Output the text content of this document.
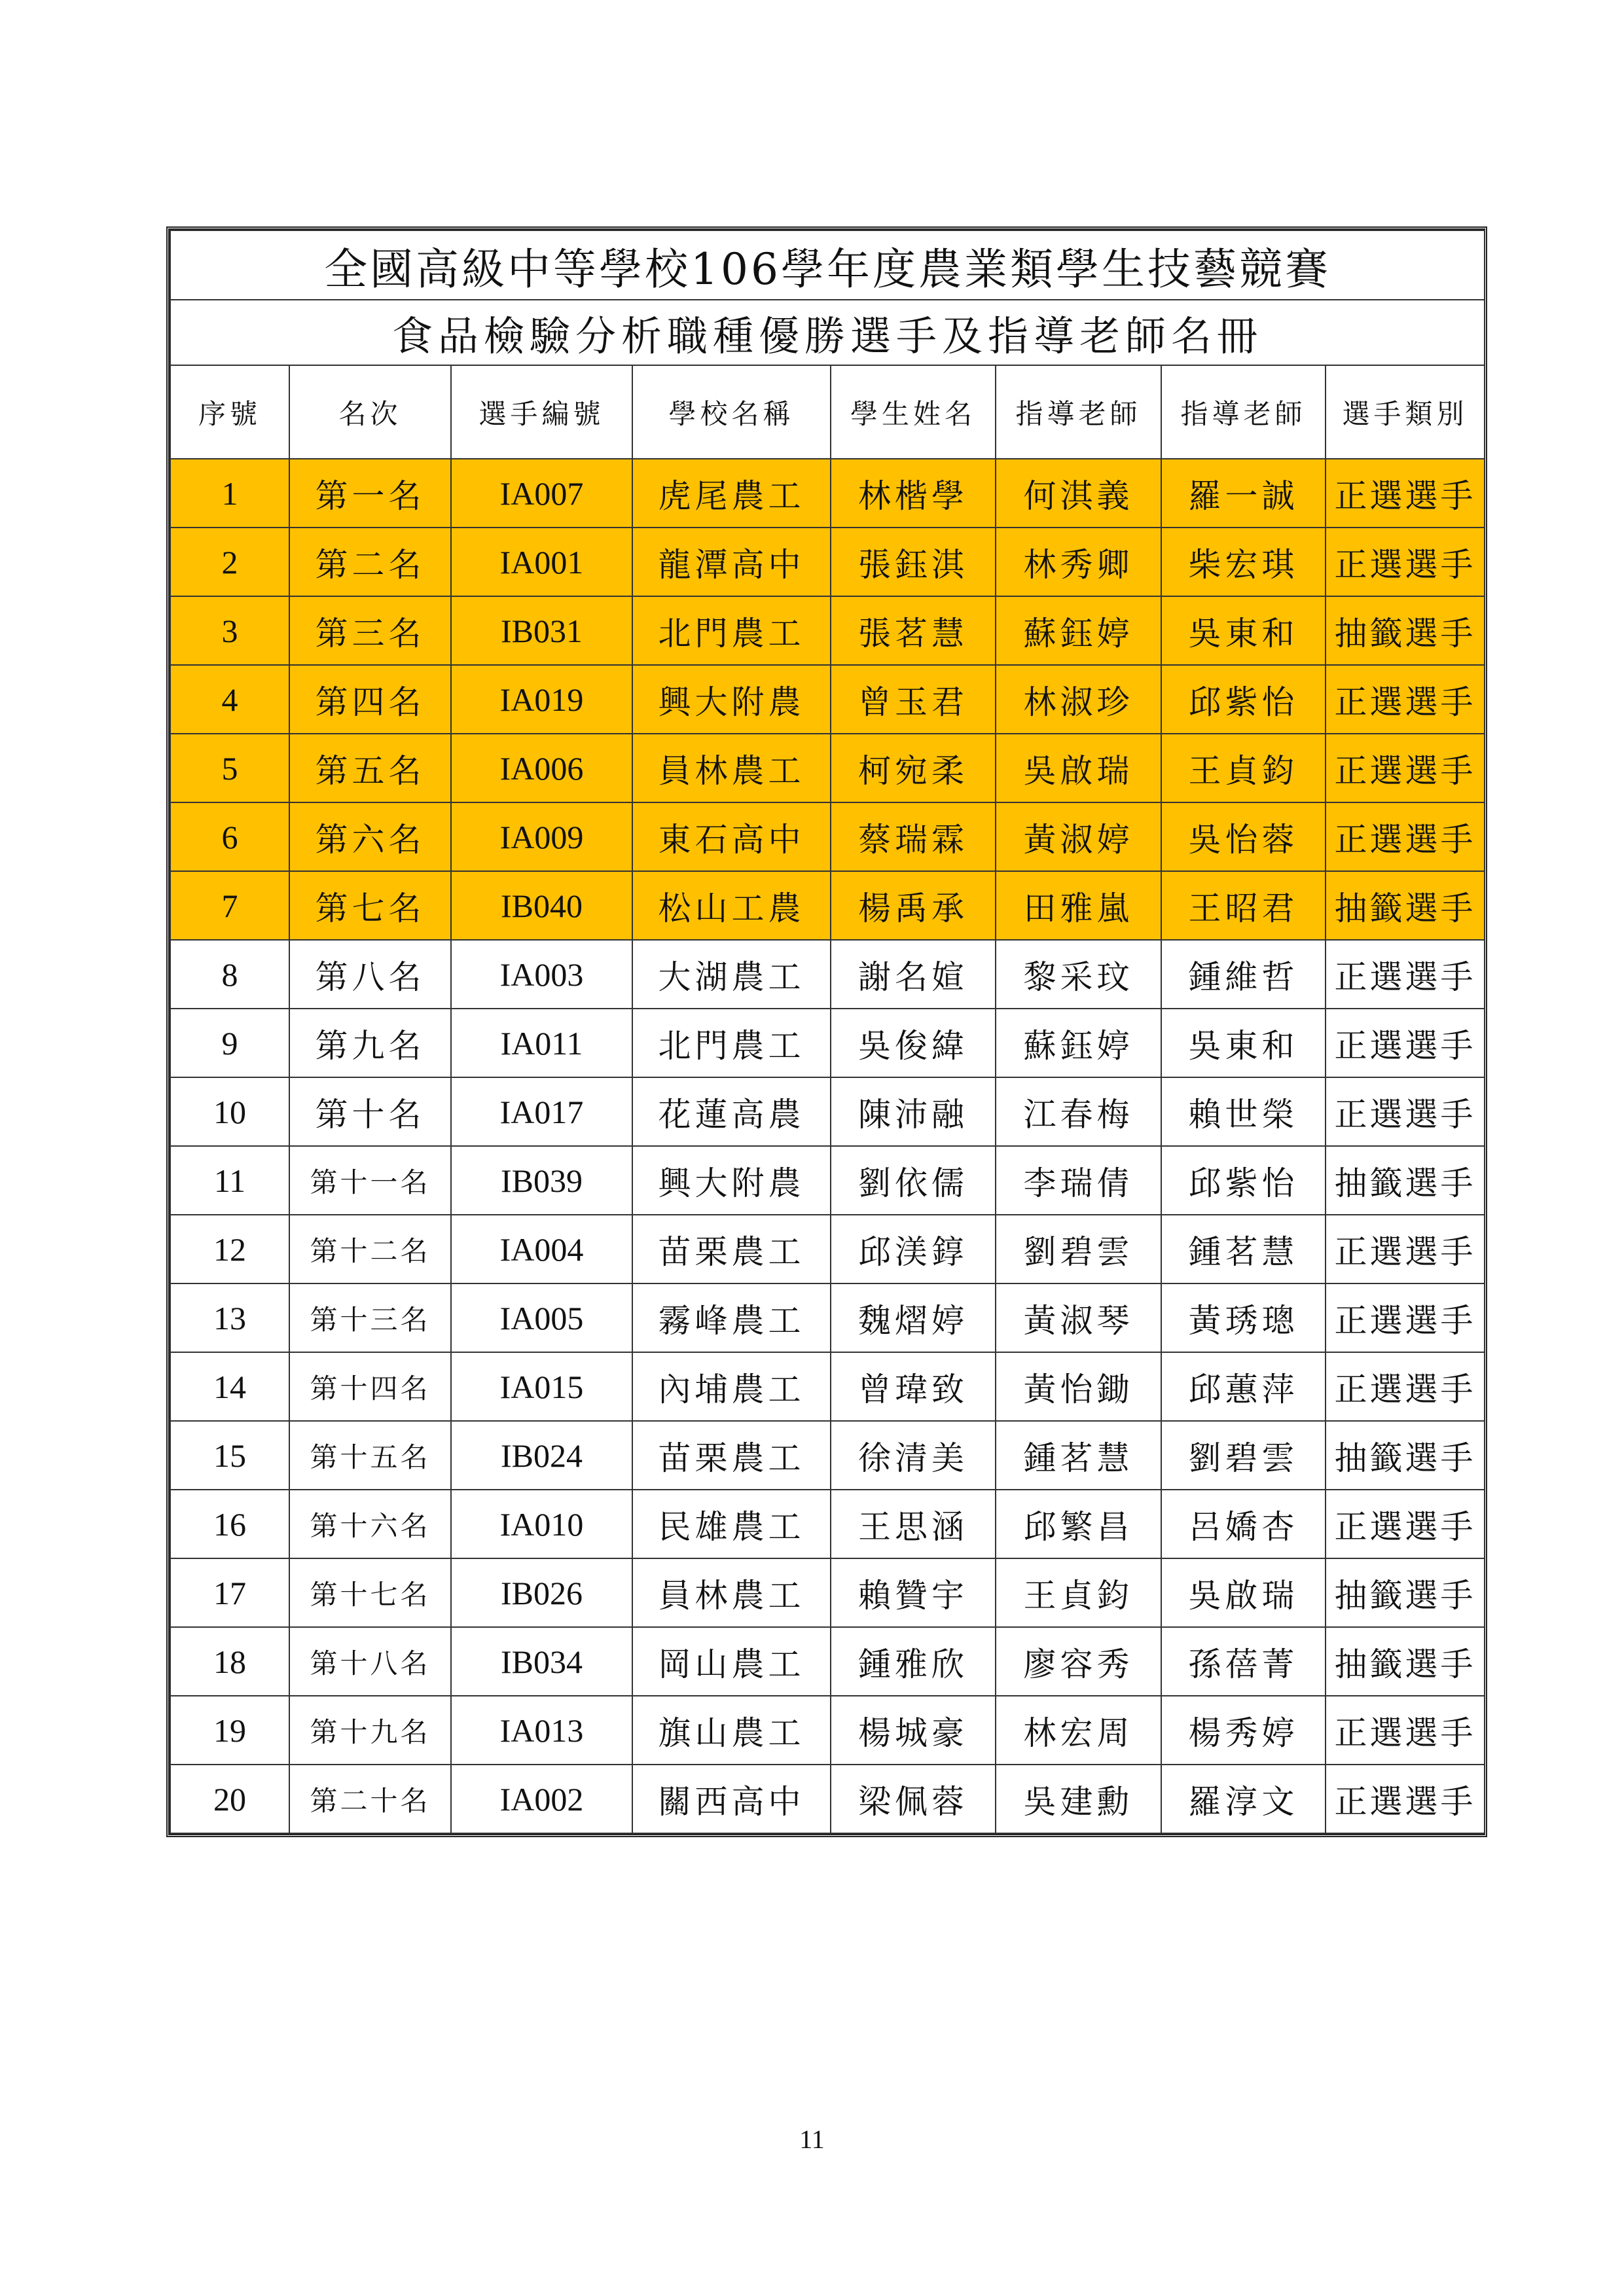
全國高級中等學校106學年度農業類學生技藝競賽							
食品檢驗分析職種優勝選手及指導老師名冊							
序號	名次	選手編號	學校名稱	學生姓名	指導老師	指導老師	選手類別
1	第一名	IA007	虎尾農工	林楷學	何淇義	羅一誠	正選選手
2	第二名	IA001	龍潭高中	張鈺淇	林秀卿	柴宏琪	正選選手
3	第三名	IB031	北門農工	張茗慧	蘇鈺婷	吳東和	抽籤選手
4	第四名	IA019	興大附農	曾玉君	林淑珍	邱紫怡	正選選手
5	第五名	IA006	員林農工	柯宛柔	吳啟瑞	王貞鈞	正選選手
6	第六名	IA009	東石高中	蔡瑞霖	黃淑婷	吳怡蓉	正選選手
7	第七名	IB040	松山工農	楊禹承	田雅嵐	王昭君	抽籤選手
8	第八名	IA003	大湖農工	謝名媗	黎采玟	鍾維哲	正選選手
9	第九名	IA011	北門農工	吳俊緯	蘇鈺婷	吳東和	正選選手
10	第十名	IA017	花蓮高農	陳沛融	江春梅	賴世榮	正選選手
11	第十一名	IB039	興大附農	劉依儒	李瑞倩	邱紫怡	抽籤選手
12	第十二名	IA004	苗栗農工	邱渼錞	劉碧雲	鍾茗慧	正選選手
13	第十三名	IA005	霧峰農工	魏熠婷	黃淑琴	黃琇璁	正選選手
14	第十四名	IA015	內埔農工	曾瑋致	黃怡鋤	邱蕙萍	正選選手
15	第十五名	IB024	苗栗農工	徐清美	鍾茗慧	劉碧雲	抽籤選手
16	第十六名	IA010	民雄農工	王思涵	邱繁昌	呂嬌杏	正選選手
17	第十七名	IB026	員林農工	賴贊宇	王貞鈞	吳啟瑞	抽籤選手
18	第十八名	IB034	岡山農工	鍾雅欣	廖容秀	孫蓓菁	抽籤選手
19	第十九名	IA013	旗山農工	楊城豪	林宏周	楊秀婷	正選選手
20	第二十名	IA002	關西高中	梁佩蓉	吳建勳	羅淳文	正選選手
11
